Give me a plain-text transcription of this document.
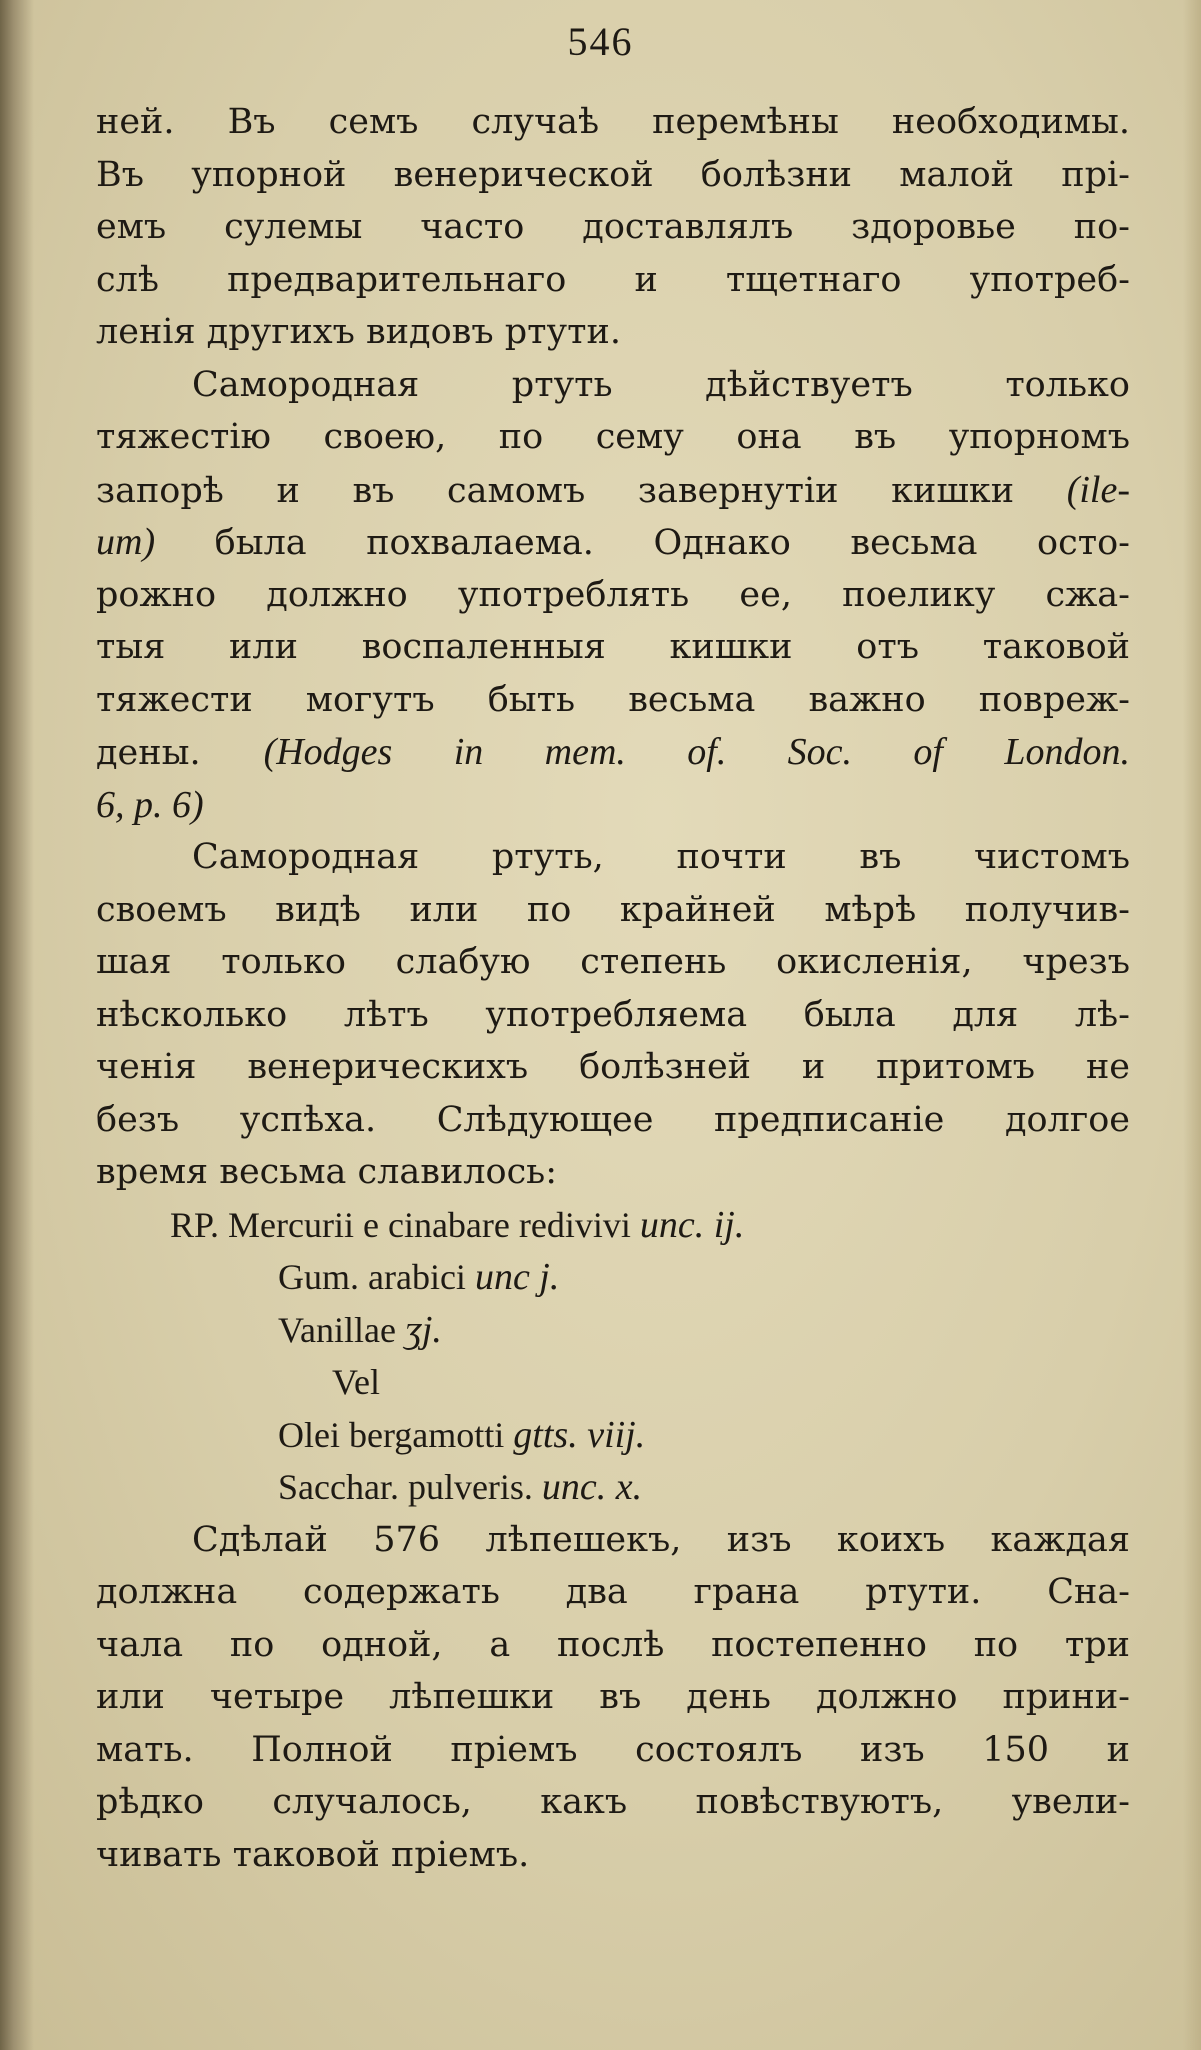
546
ней. Въ семъ случаѣ перемѣны необходимы.
Въ упорной венерической болѣзни малой прі-
емъ сулемы часто доставлялъ здоровье по-
слѣ предварительнаго и тщетнаго употреб-
ленія другихъ видовъ ртути.
Самородная ртуть дѣйствуетъ только
тяжестію своею, по сему она въ упорномъ
запорѣ и въ самомъ завернутіи кишки (ile-
um) была похвалаема. Однако весьма осто-
рожно должно употреблять ее, поелику сжа-
тыя или воспаленныя кишки отъ таковой
тяжести могутъ быть весьма важно повреж-
дены. (Hodges in mem. of. Soc. of London.
6, p. 6)
Самородная ртуть, почти въ чистомъ
своемъ видѣ или по крайней мѣрѣ получив-
шая только слабую степень окисленія, чрезъ
нѣсколько лѣтъ употребляема была для лѣ-
ченія венерическихъ болѣзней и притомъ не
безъ успѣха. Слѣдующее предписаніе долгое
время весьма славилось:
RP. Mercurii e cinabare redivivi unc. ij.
Gum. arabici unc j.
Vanillae ʒj.
Vel
Olei bergamotti gtts. viij.
Sacchar. pulveris. unc. x.
Сдѣлай 576 лѣпешекъ, изъ коихъ каждая
должна содержать два грана ртути. Сна-
чала по одной, а послѣ постепенно по три
или четыре лѣпешки въ день должно прини-
мать. Полной пріемъ состоялъ изъ 150 и
рѣдко случалось, какъ повѣствуютъ, увели-
чивать таковой пріемъ.
